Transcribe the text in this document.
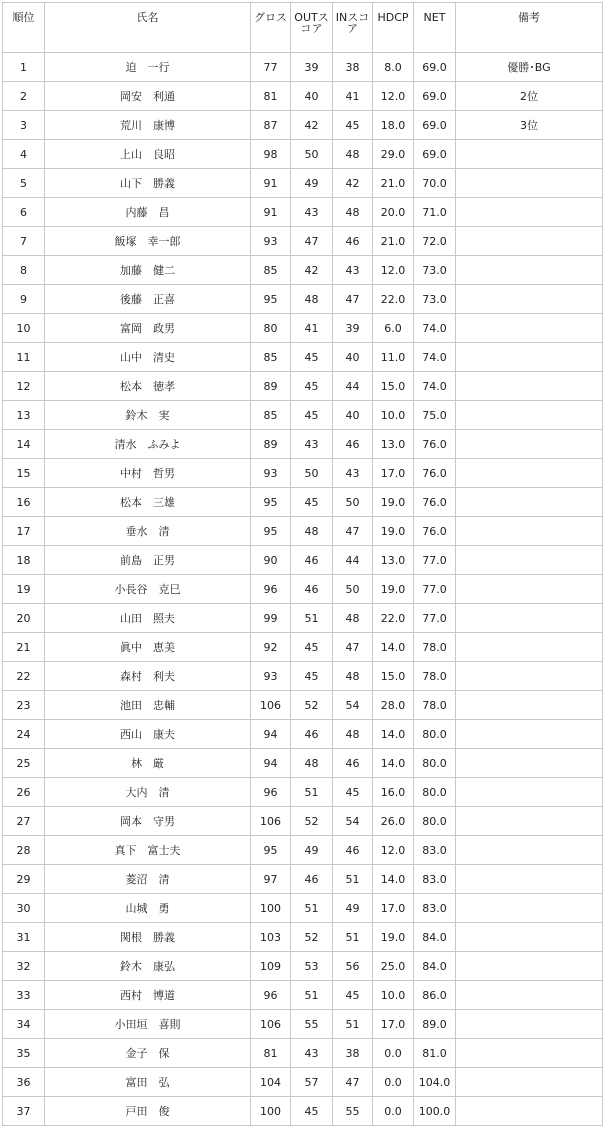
順位	氏名	グロス	OUTスコア	INスコア	HDCP	NET	備考
1	迫　一行	77	39	38	8.0	69.0	優勝･BG
2	岡安　利通	81	40	41	12.0	69.0	2位
3	荒川　康博	87	42	45	18.0	69.0	3位
4	上山　良昭	98	50	48	29.0	69.0	
5	山下　勝義	91	49	42	21.0	70.0	
6	内藤　昌	91	43	48	20.0	71.0	
7	飯塚　幸一郎	93	47	46	21.0	72.0	
8	加藤　健二	85	42	43	12.0	73.0	
9	後藤　正喜	95	48	47	22.0	73.0	
10	富岡　政男	80	41	39	6.0	74.0	
11	山中　清史	85	45	40	11.0	74.0	
12	松本　徳孝	89	45	44	15.0	74.0	
13	鈴木　実	85	45	40	10.0	75.0	
14	清水　ふみよ	89	43	46	13.0	76.0	
15	中村　哲男	93	50	43	17.0	76.0	
16	松本　三雄	95	45	50	19.0	76.0	
17	垂水　清	95	48	47	19.0	76.0	
18	前島　正男	90	46	44	13.0	77.0	
19	小長谷　克巳	96	46	50	19.0	77.0	
20	山田　照夫	99	51	48	22.0	77.0	
21	眞中　恵美	92	45	47	14.0	78.0	
22	森村　利夫	93	45	48	15.0	78.0	
23	池田　忠輔	106	52	54	28.0	78.0	
24	西山　康夫	94	46	48	14.0	80.0	
25	林　厳	94	48	46	14.0	80.0	
26	大内　清	96	51	45	16.0	80.0	
27	岡本　守男	106	52	54	26.0	80.0	
28	真下　富士夫	95	49	46	12.0	83.0	
29	菱沼　清	97	46	51	14.0	83.0	
30	山城　勇	100	51	49	17.0	83.0	
31	関根　勝義	103	52	51	19.0	84.0	
32	鈴木　康弘	109	53	56	25.0	84.0	
33	西村　博道	96	51	45	10.0	86.0	
34	小田垣　喜則	106	55	51	17.0	89.0	
35	金子　保	81	43	38	0.0	81.0	
36	富田　弘	104	57	47	0.0	104.0	
37	戸田　俊	100	45	55	0.0	100.0	
